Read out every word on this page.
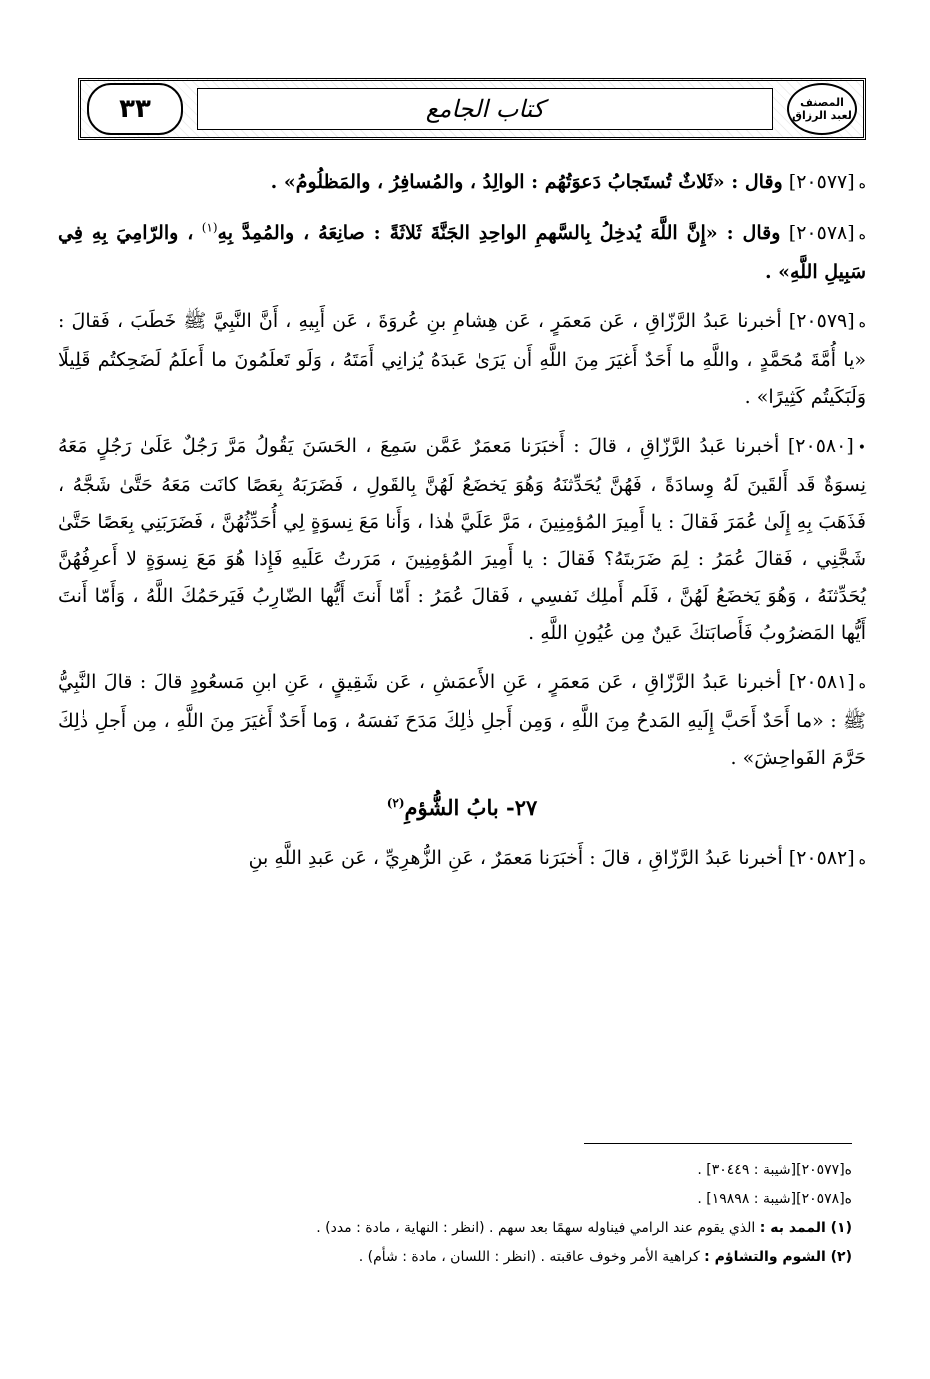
المصنف لعبد الرزاق
كتاب الجامع
٣٣

ه[٢٠٥٧٧] وقال : «ثَلاثٌ تُستَجابُ دَعوَتُهُم : الوالِدُ ، والمُسافِرُ ، والمَظلُومُ» .

ه[٢٠٥٧٨] وقال : «إِنَّ اللَّهَ يُدخِلُ بِالسَّهمِ الواحِدِ الجَنَّةَ ثَلاثَةً : صانِعَهُ ، والمُمِدَّ بِهِ$^{(١)}$ ، والرّامِيَ بِهِ فِي سَبِيلِ اللَّهِ» .

ه[٢٠٥٧٩] أخبرنا عَبدُ الرَّزّاقِ ، عَن مَعمَرٍ ، عَن هِشامِ بنِ عُروَةَ ، عَن أَبِيهِ ، أَنَّ النَّبِيَّ ﷺ خَطَبَ ، فَقالَ : «يا أُمَّةَ مُحَمَّدٍ ، واللَّهِ ما أَحَدٌ أَغيَرَ مِنَ اللَّهِ أَن يَرَىٰ عَبدَهُ يُزانِي أَمَتَهُ ، وَلَو تَعلَمُونَ ما أَعلَمُ لَضَحِكتُم قَلِيلًا وَلَبَكَيتُم كَثِيرًا» .

•[٢٠٥٨٠] أخبرنا عَبدُ الرَّزّاقِ ، قالَ : أَخبَرَنا مَعمَرٌ عَمَّن سَمِعَ ، الحَسَنَ يَقُولُ مَرَّ رَجُلٌ عَلَىٰ رَجُلٍ مَعَهُ نِسوَةٌ قَد أَلقَينَ لَهُ وِسادَةً ، فَهُنَّ يُحَدِّثنَهُ وَهُوَ يَخضَعُ لَهُنَّ بِالقَولِ ، فَضَرَبَهُ بِعَصًا كانَت مَعَهُ حَتَّىٰ شَجَّهُ ، فَذَهَبَ بِهِ إِلَىٰ عُمَرَ فَقالَ : يا أَمِيرَ المُؤمِنِينَ ، مَرَّ عَلَيَّ هٰذا ، وَأَنا مَعَ نِسوَةٍ لِي أُحَدِّثُهُنَّ ، فَضَرَبَنِي بِعَصًا حَتَّىٰ شَجَّنِي ، فَقالَ عُمَرُ : لِمَ ضَرَبتَهُ؟ فَقالَ : يا أَمِيرَ المُؤمِنِينَ ، مَرَرتُ عَلَيهِ فَإِذا هُوَ مَعَ نِسوَةٍ لا أَعرِفُهُنَّ يُحَدِّثنَهُ ، وَهُوَ يَخضَعُ لَهُنَّ ، فَلَم أَملِك نَفسِي ، فَقالَ عُمَرُ : أَمّا أَنتَ أَيُّها الضّارِبُ فَيَرحَمُكَ اللَّهُ ، وَأَمّا أَنتَ أَيُّها المَضرُوبُ فَأَصابَتكَ عَينٌ مِن عُيُونِ اللَّهِ .

ه[٢٠٥٨١] أخبرنا عَبدُ الرَّزّاقِ ، عَن مَعمَرٍ ، عَنِ الأَعمَشِ ، عَن شَقِيقٍ ، عَنِ ابنِ مَسعُودٍ قالَ : قالَ النَّبِيُّ ﷺ : «ما أَحَدٌ أَحَبَّ إِلَيهِ المَدحُ مِنَ اللَّهِ ، وَمِن أَجلِ ذٰلِكَ مَدَحَ نَفسَهُ ، وَما أَحَدٌ أَغيَرَ مِنَ اللَّهِ ، مِن أَجلِ ذٰلِكَ حَرَّمَ الفَواحِشَ» .

٢٧- بابُ الشُّؤمِ$^{(٢)}$

ه[٢٠٥٨٢] أخبرنا عَبدُ الرَّزّاقِ ، قالَ : أَخبَرَنا مَعمَرٌ ، عَنِ الزُّهرِيِّ ، عَن عَبدِ اللَّهِ بنِ

ه[٢٠٥٧٧][شيبة : ٣٠٤٤٩] .
ه[٢٠٥٧٨][شيبة : ١٩٨٩٨] .
(١) الممد به : الذي يقوم عند الرامي فيناوله سهمًا بعد سهم . (انظر : النهاية ، مادة : مدد) .
(٢) الشوم والتشاؤم : كراهية الأمر وخوف عاقبته . (انظر : اللسان ، مادة : شأم) .
